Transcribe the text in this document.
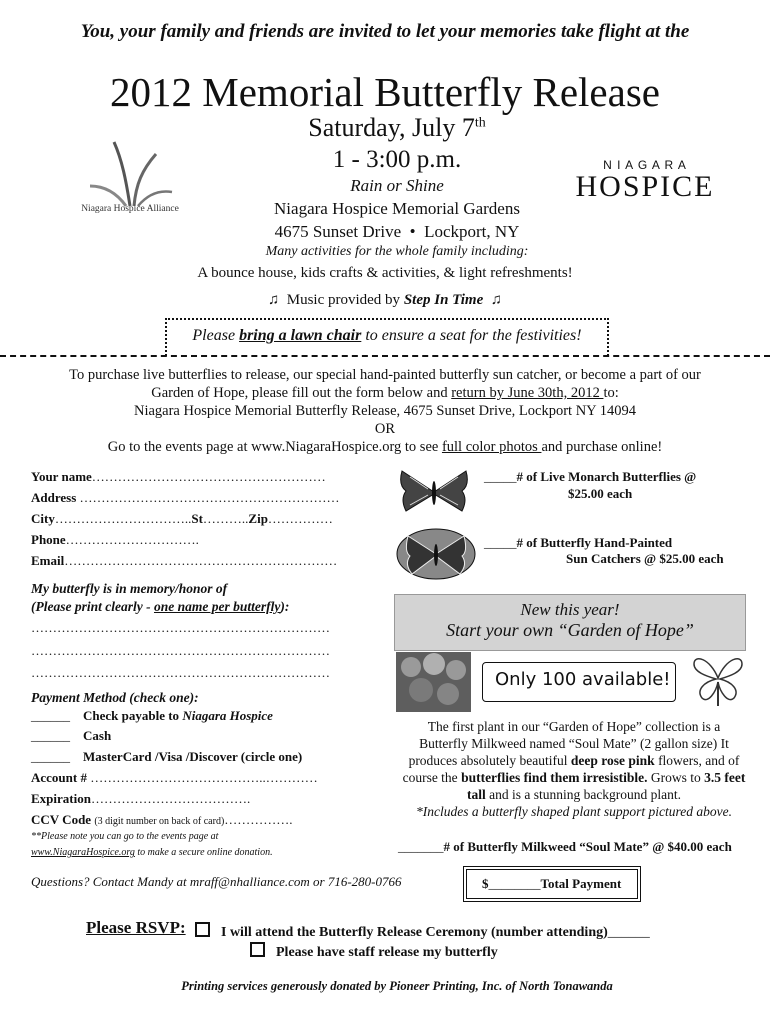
You, your family and friends are invited to let your memories take flight at the
2012 Memorial Butterfly Release
Saturday, July 7th
1 - 3:00 p.m.
Rain or Shine
Niagara Hospice Memorial Gardens
4675 Sunset Drive • Lockport, NY
Niagara Hospice Alliance
N I A G A R A
HOSPICE
Many activities for the whole family including:
A bounce house, kids crafts & activities, & light refreshments!
♫ Music provided by Step In Time ♫
Please bring a lawn chair to ensure a seat for the festivities!
To purchase live butterflies to release, our special hand-painted butterfly sun catcher, or become a part of our
Garden of Hope, please fill out the form below and return by June 30th, 2012 to:
Niagara Hospice Memorial Butterfly Release, 4675 Sunset Drive, Lockport NY 14094
OR
Go to the events page at www.NiagaraHospice.org to see full color photos and purchase online!
Your name………………………………………………
Address ……………………………………………………
City…………………………..St………..Zip……………
Phone………………………….
Email………………………………………………………
My butterfly is in memory/honor of
(Please print clearly - one name per butterfly):
……………………………………………………………
……………………………………………………………
……………………………………………………………
Payment Method (check one):
______ Check payable to Niagara Hospice
______ Cash
______ MasterCard /Visa /Discover (circle one)
Account # …………………………………..…………
Expiration……………………………….
CCV Code (3 digit number on back of card)…………….
**Please note you can go to the events page at
www.NiagaraHospice.org to make a secure online donation.
Questions? Contact Mandy at mraff@nhalliance.com or 716-280-0766
_____# of Live Monarch Butterflies @
$25.00 each
_____# of Butterfly Hand-Painted
Sun Catchers @ $25.00 each
New this year!
Start your own “Garden of Hope”
Only 100 available!
The first plant in our “Garden of Hope” collection is a
Butterfly Milkweed named “Soul Mate” (2 gallon size) It
produces absolutely beautiful deep rose pink flowers, and of
course the butterflies find them irresistible. Grows to 3.5 feet
tall and is a stunning background plant.
*Includes a butterfly shaped plant support pictured above.
_______# of Butterfly Milkweed “Soul Mate” @ $40.00 each
$________Total Payment
Please RSVP:	I will attend the Butterfly Release Ceremony (number attending)______
Please have staff release my butterfly
Printing services generously donated by Pioneer Printing, Inc. of North Tonawanda
